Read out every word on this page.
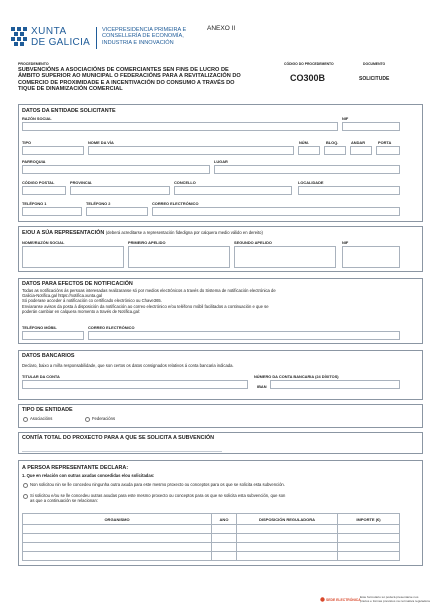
XUNTA
DE GALICIA
VICEPRESIDENCIA PRIMEIRA E
CONSELLERÍA DE ECONOMÍA,
INDUSTRIA E INNOVACIÓN
ANEXO II
PROCEDEMENTO
SUBVENCIÓNS A ASOCIACIÓNS DE COMERCIANTES SEN FINS DE LUCRO DE
ÁMBITO SUPERIOR AO MUNICIPAL O FEDERACIÓNS PARA A REVITALIZACIÓN DO
COMERCIO DE PROXIMIDADE E A INCENTIVACIÓN DO CONSUMO A TRAVÉS DO
TIQUE DE DINAMIZACIÓN COMERCIAL
CÓDIGO DO PROCEDEMENTO
CO300B
DOCUMENTO
SOLICITUDE
DATOS DA ENTIDADE SOLICITANTE
RAZÓN SOCIAL	NIF
TIPO	NOME DA VÍA	NÚM.	BLOQ.	ANDAR	PORTA
PARROQUIA	LUGAR
CÓDIGO POSTAL	PROVINCIA	CONCELLO	LOCALIDADE
TELÉFONO 1	TELÉFONO 2	CORREO ELECTRÓNICO
E/OU A SÚA REPRESENTACIÓN (deberá acreditarse a representación fidedigna por calquera medio válido en dereito)
NOME/RAZÓN SOCIAL	PRIMEIRO APELIDO	SEGUNDO APELIDO	NIF
DATOS PARA EFECTOS DE NOTIFICACIÓN
Todas as notificacións ás persoas interesadas realizaranse só por medios electrónicos a través do Sistema de notificación electrónica de
Galicia-Notifica.gal https://notifica.xunta.gal
Só poderase acceder á notificación co certificado electrónico ou Chave365.
Enviaranse avisos da posta á disposición da notificación ao correo electrónico e/ou teléfono móbil facilitados a continuación e que se
poderán cambiar en calquera momento a través de Notifica.gal:
TELÉFONO MÓBIL	CORREO ELECTRÓNICO
DATOS BANCARIOS
Declaro, baixo a miña responsabilidade, que son certos os datos consignados relativos á conta bancaria indicada.
TITULAR DA CONTA	NÚMERO DA CONTA BANCARIA (24 DÍXITOS)
IBAN
TIPO DE ENTIDADE
Asociacións	Federacións
CONTÍA TOTAL DO PROXECTO PARA A QUE SE SOLICITA A SUBVENCIÓN
A PERSOA REPRESENTANTE DECLARA:
1. Que en relación con outras axudas concedidas e/ou solicitadas:
Non solicitou nin se lle concedeu ningunha outra axuda para este mesmo proxecto ou conceptos para os que se solicita esta subvención.
Si solicitou e/ou se lle concedeu outras axudas para este mesmo proxecto ou conceptos para os que se solicita esta subvención, que son
as que a continuación se relacionan:
ORGANISMO	ANO	DISPOSICIÓN REGULADORA	IMPORTE (€)

SEDE ELECTRÓNICA
Este formulario só poderá presentarse nos
prazos e formas previstos na normativa reguladora
